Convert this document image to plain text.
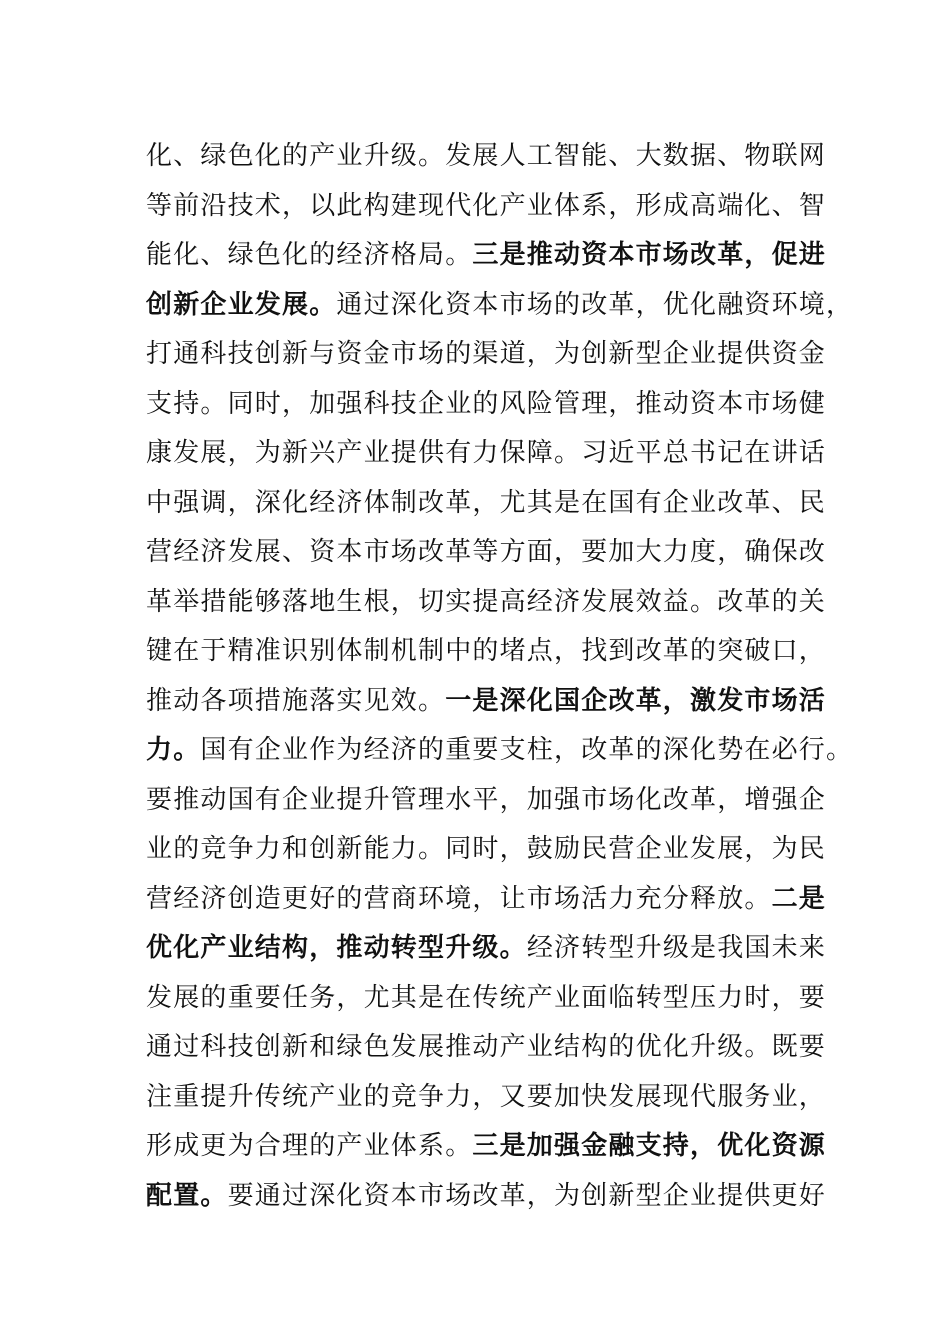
化、绿色化的产业升级。发展人工智能、大数据、物联网
等前沿技术，以此构建现代化产业体系，形成高端化、智
能化、绿色化的经济格局。三是推动资本市场改革，促进
创新企业发展。通过深化资本市场的改革，优化融资环境，
打通科技创新与资金市场的渠道，为创新型企业提供资金
支持。同时，加强科技企业的风险管理，推动资本市场健
康发展，为新兴产业提供有力保障。习近平总书记在讲话
中强调，深化经济体制改革，尤其是在国有企业改革、民
营经济发展、资本市场改革等方面，要加大力度，确保改
革举措能够落地生根，切实提高经济发展效益。改革的关
键在于精准识别体制机制中的堵点，找到改革的突破口，
推动各项措施落实见效。一是深化国企改革，激发市场活
力。国有企业作为经济的重要支柱，改革的深化势在必行。
要推动国有企业提升管理水平，加强市场化改革，增强企
业的竞争力和创新能力。同时，鼓励民营企业发展，为民
营经济创造更好的营商环境，让市场活力充分释放。二是
优化产业结构，推动转型升级。经济转型升级是我国未来
发展的重要任务，尤其是在传统产业面临转型压力时，要
通过科技创新和绿色发展推动产业结构的优化升级。既要
注重提升传统产业的竞争力，又要加快发展现代服务业，
形成更为合理的产业体系。三是加强金融支持，优化资源
配置。要通过深化资本市场改革，为创新型企业提供更好
